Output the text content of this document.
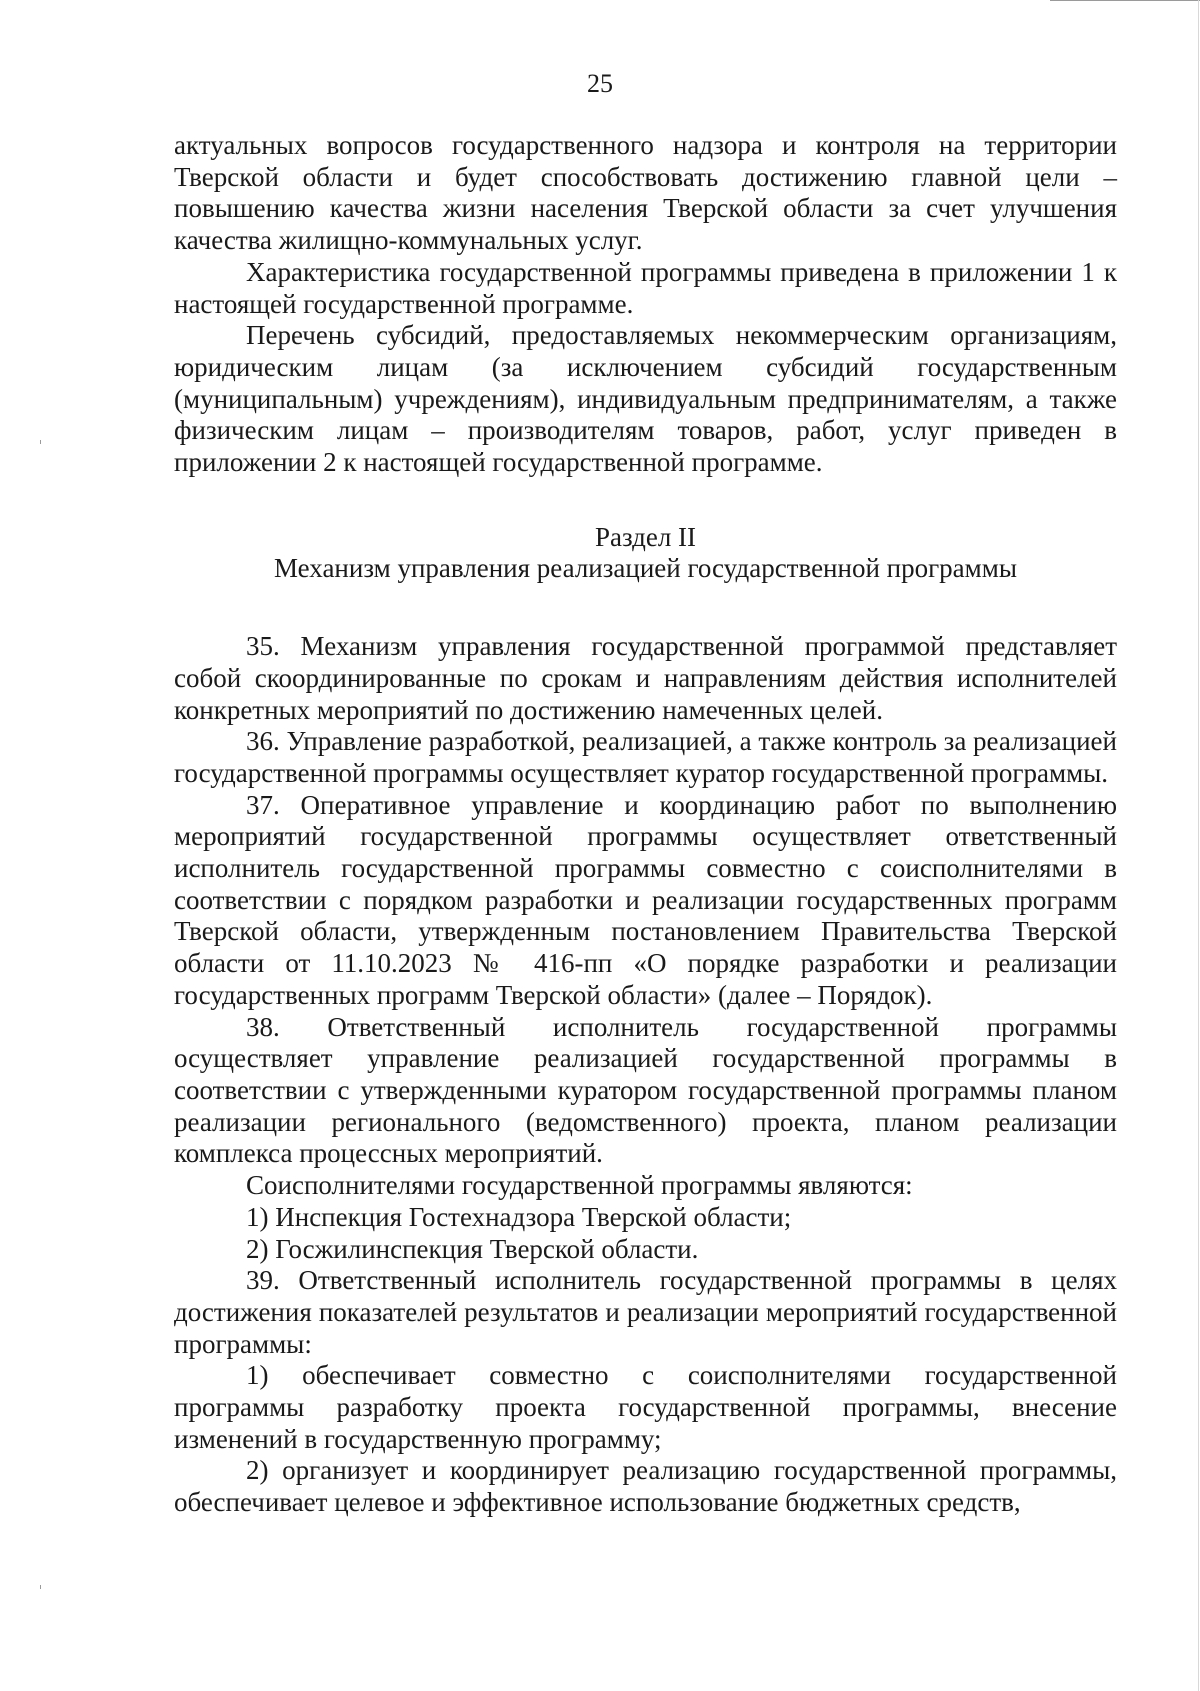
25

актуальных вопросов государственного надзора и контроля на территории Тверской области и будет способствовать достижению главной цели – повышению качества жизни населения Тверской области за счет улучшения качества жилищно-коммунальных услуг.

Характеристика государственной программы приведена в приложении 1 к настоящей государственной программе.

Перечень субсидий, предоставляемых некоммерческим организациям, юридическим лицам (за исключением субсидий государственным (муниципальным) учреждениям), индивидуальным предпринимателям, а также физическим лицам – производителям товаров, работ, услуг приведен в приложении 2 к настоящей государственной программе.

Раздел II
Механизм управления реализацией государственной программы

35. Механизм управления государственной программой представляет собой скоординированные по срокам и направлениям действия исполнителей конкретных мероприятий по достижению намеченных целей.

36. Управление разработкой, реализацией, а также контроль за реализацией государственной программы осуществляет куратор государственной программы.

37. Оперативное управление и координацию работ по выполнению мероприятий государственной программы осуществляет ответственный исполнитель государственной программы совместно с соисполнителями в соответствии с порядком разработки и реализации государственных программ Тверской области, утвержденным постановлением Правительства Тверской области от 11.10.2023 № 416-пп «О порядке разработки и реализации государственных программ Тверской области» (далее – Порядок).

38. Ответственный исполнитель государственной программы осуществляет управление реализацией государственной программы в соответствии с утвержденными куратором государственной программы планом реализации регионального (ведомственного) проекта, планом реализации комплекса процессных мероприятий.

Соисполнителями государственной программы являются:

1) Инспекция Гостехнадзора Тверской области;

2) Госжилинспекция Тверской области.

39. Ответственный исполнитель государственной программы в целях достижения показателей результатов и реализации мероприятий государственной программы:

1) обеспечивает совместно с соисполнителями государственной программы разработку проекта государственной программы, внесение изменений в государственную программу;

2) организует и координирует реализацию государственной программы, обеспечивает целевое и эффективное использование бюджетных средств,
